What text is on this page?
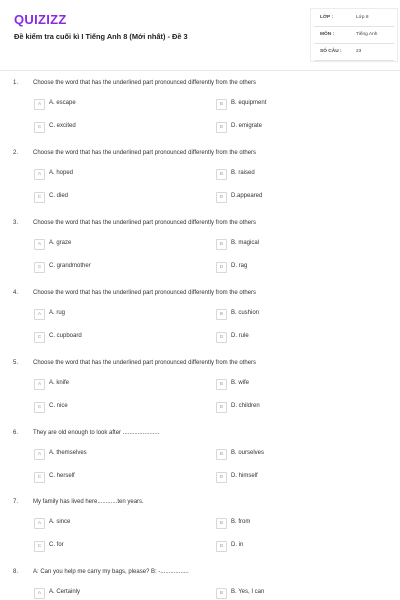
QUIZIZZ
Đề kiểm tra cuối kì I Tiếng Anh 8 (Mới nhất) - Đề 3
LỚP :	Lớp 8
MÔN :	Tiếng Anh
SỐ CÂU :	23
1. Choose the word that has the underlined part pronounced differently from the others
A	A. escape	B	B. equipment
C	C. excited	D	D. emigrate
2. Choose the word that has the underlined part pronounced differently from the others
A	A. hoped	B	B. raised
C	C. died	D	D.appeared
3. Choose the word that has the underlined part pronounced differently from the others
A	A. graze	B	B. magical
C	C. grandmother	D	D. rag
4. Choose the word that has the underlined part pronounced differently from the others
A	A. rug	B	B. cushion
C	C. cupboard	D	D. rule
5. Choose the word that has the underlined part pronounced differently from the others
A	A. knife	B	B. wife
C	C. nice	D	D. children
6. They are old enough to look after ......................
A	A. themselves	B	B. ourselves
C	C. herself	D	D. himself
7. My family has lived here............ten years.
A	A. since	B	B. from
C	C. for	D	D. in
8. A: Can you help me carry my bags, please? B: -.................
A	A. Certainly	B	B. Yes, I can
